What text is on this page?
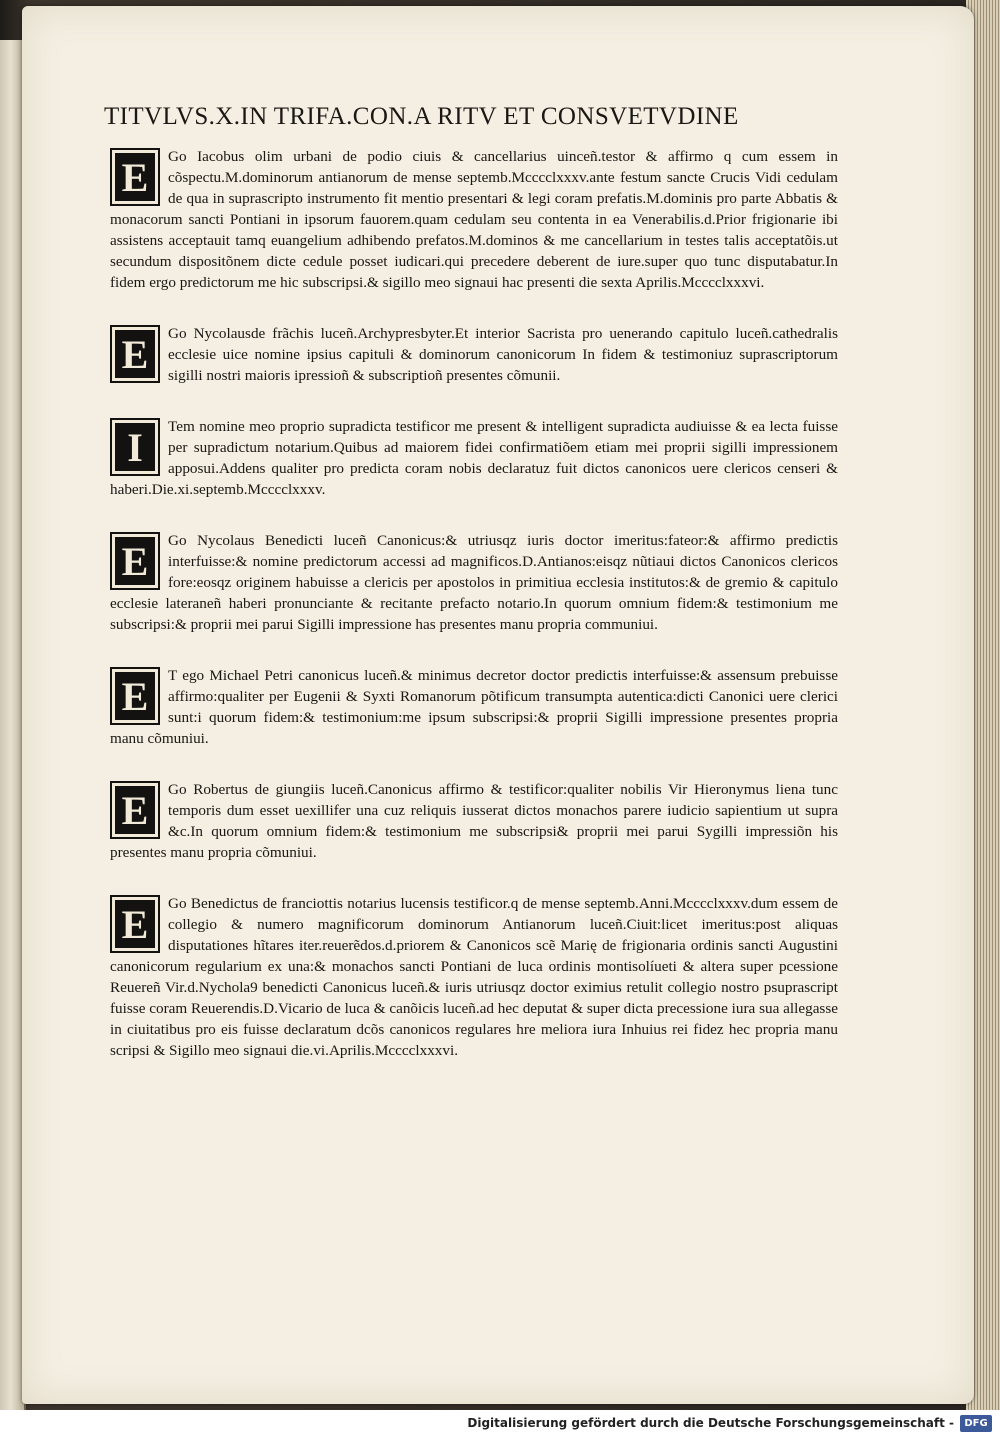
TITVLVS.X.IN TRIFA.CON.A RITV ET CONSVETVDINE
E	Go Iacobus olim urbani de podio ciuis & cancellarius uinceñ.testor & affirmo q cum essem in cõspectu.M.dominorum antianorum de mense septemb.Mcccclxxxv.ante festum sancte Crucis Vidi cedulam de qua in suprascripto instrumento fit mentio presentari & legi coram prefatis.M.dominis pro parte Abbatis & monacorum sancti Pontiani in ipsorum fauorem.quam cedulam seu contenta in ea Venerabilis.d.Prior frigionarie ibi assistens acceptauit tamq euangelium adhibendo prefatos.M.dominos & me cancellarium in testes talis acceptatõis.ut secundum dispositõnem dicte cedule posset iudicari.qui precedere deberent de iure.super quo tunc disputabatur.In fidem ergo predictorum me hic subscripsi.& sigillo meo signaui hac presenti die sexta Aprilis.Mcccclxxxvi.
E	Go Nycolausde frãchis luceñ.Archypresbyter.Et interior Sacrista pro uenerando capitulo luceñ.cathedralis ecclesie uice nomine ipsius capituli & dominorum canonicorum In fidem & testimoniuz suprascriptorum sigilli nostri maioris ipressioñ & subscriptioñ presentes cõmunii.
I	Tem nomine meo proprio supradicta testificor me present & intelligent supradicta audiuisse & ea lecta fuisse per supradictum notarium.Quibus ad maiorem fidei confirmatiõem etiam mei proprii sigilli impressionem apposui.Addens qualiter pro predicta coram nobis declaratuz fuit dictos canonicos uere clericos censeri & haberi.Die.xi.septemb.Mcccclxxxv.
E	Go Nycolaus Benedicti luceñ Canonicus:& utriusqz iuris doctor imeritus:fateor:& affirmo predictis interfuisse:& nomine predictorum accessi ad magnificos.D.Antianos:eisqz nũtiaui dictos Canonicos clericos fore:eosqz originem habuisse a clericis per apostolos in primitiua ecclesia institutos:& de gremio & capitulo ecclesie lateraneñ haberi pronunciante & recitante prefacto notario.In quorum omnium fidem:& testimonium me subscripsi:& proprii mei parui Sigilli impressione has presentes manu propria communiui.
E	T ego Michael Petri canonicus luceñ.& minimus decretor doctor predictis interfuisse:& assensum prebuisse affirmo:qualiter per Eugenii & Syxti Romanorum põtificum transumpta autentica:dicti Canonici uere clerici sunt:i quorum fidem:& testimonium:me ipsum subscripsi:& proprii Sigilli impressione presentes propria manu cõmuniui.
E	Go Robertus de giungiis luceñ.Canonicus affirmo & testificor:qualiter nobilis Vir Hieronymus liena tunc temporis dum esset uexillifer una cuz reliquis iusserat dictos monachos parere iudicio sapientium ut supra &c.In quorum omnium fidem:& testimonium me subscripsi& proprii mei parui Sygilli impressiõn his presentes manu propria cõmuniui.
E	Go Benedictus de franciottis notarius lucensis testificor.q de mense septemb.Anni.Mcccclxxxv.dum essem de collegio & numero magnificorum dominorum Antianorum luceñ.Ciuit:licet imeritus:post aliquas disputationes hĩtares iter.reuerẽdos.d.priorem & Canonicos scẽ Marię de frigionaria ordinis sancti Augustini canonicorum regularium ex una:& monachos sancti Pontiani de luca ordinis montisolíueti & altera super pcessione Reuereñ Vir.d.Nychola9 benedicti Canonicus luceñ.& iuris utriusqz doctor eximius retulit collegio nostro psuprascript fuisse coram Reuerendis.D.Vicario de luca & canõicis luceñ.ad hec deputat & super dicta precessione iura sua allegasse in ciuitatibus pro eis fuisse declaratum dcõs canonicos regulares hre meliora iura Inhuius rei fidez hec propria manu scripsi & Sigillo meo signaui die.vi.Aprilis.Mcccclxxxvi.
Digitalisierung gefördert durch die Deutsche Forschungsgemeinschaft -	DFG
